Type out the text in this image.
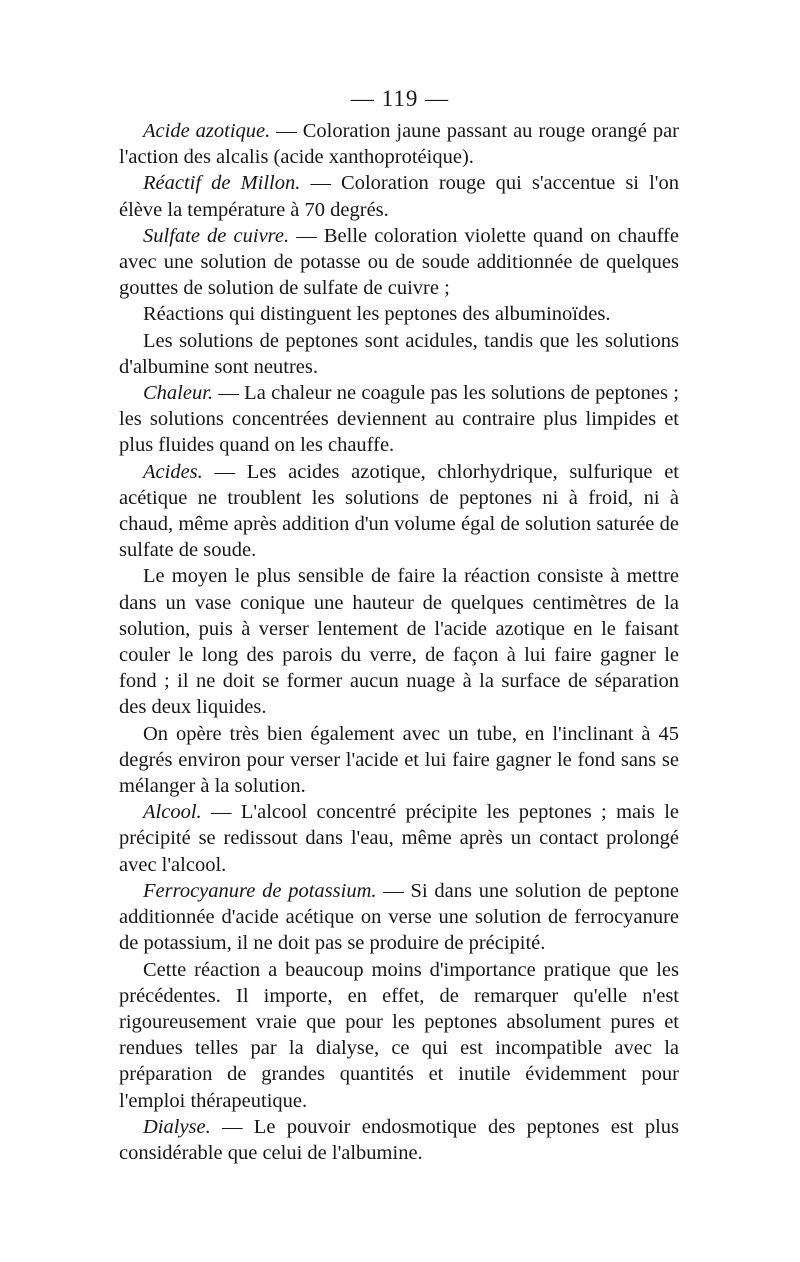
— 119 —

Acide azotique. — Coloration jaune passant au rouge orangé par l'action des alcalis (acide xanthoprotéique).

Réactif de Millon. — Coloration rouge qui s'accentue si l'on élève la température à 70 degrés.

Sulfate de cuivre. — Belle coloration violette quand on chauffe avec une solution de potasse ou de soude additionnée de quelques gouttes de solution de sulfate de cuivre ;

Réactions qui distinguent les peptones des albuminoïdes.

Les solutions de peptones sont acidules, tandis que les solutions d'albumine sont neutres.

Chaleur. — La chaleur ne coagule pas les solutions de peptones ; les solutions concentrées deviennent au contraire plus limpides et plus fluides quand on les chauffe.

Acides. — Les acides azotique, chlorhydrique, sulfurique et acétique ne troublent les solutions de peptones ni à froid, ni à chaud, même après addition d'un volume égal de solution saturée de sulfate de soude.

Le moyen le plus sensible de faire la réaction consiste à mettre dans un vase conique une hauteur de quelques centimètres de la solution, puis à verser lentement de l'acide azotique en le faisant couler le long des parois du verre, de façon à lui faire gagner le fond ; il ne doit se former aucun nuage à la surface de séparation des deux liquides.

On opère très bien également avec un tube, en l'inclinant à 45 degrés environ pour verser l'acide et lui faire gagner le fond sans se mélanger à la solution.

Alcool. — L'alcool concentré précipite les peptones ; mais le précipité se redissout dans l'eau, même après un contact prolongé avec l'alcool.

Ferrocyanure de potassium. — Si dans une solution de peptone additionnée d'acide acétique on verse une solution de ferrocyanure de potassium, il ne doit pas se produire de précipité.

Cette réaction a beaucoup moins d'importance pratique que les précédentes. Il importe, en effet, de remarquer qu'elle n'est rigoureusement vraie que pour les peptones absolument pures et rendues telles par la dialyse, ce qui est incompatible avec la préparation de grandes quantités et inutile évidemment pour l'emploi thérapeutique.

Dialyse. — Le pouvoir endosmotique des peptones est plus considérable que celui de l'albumine.
